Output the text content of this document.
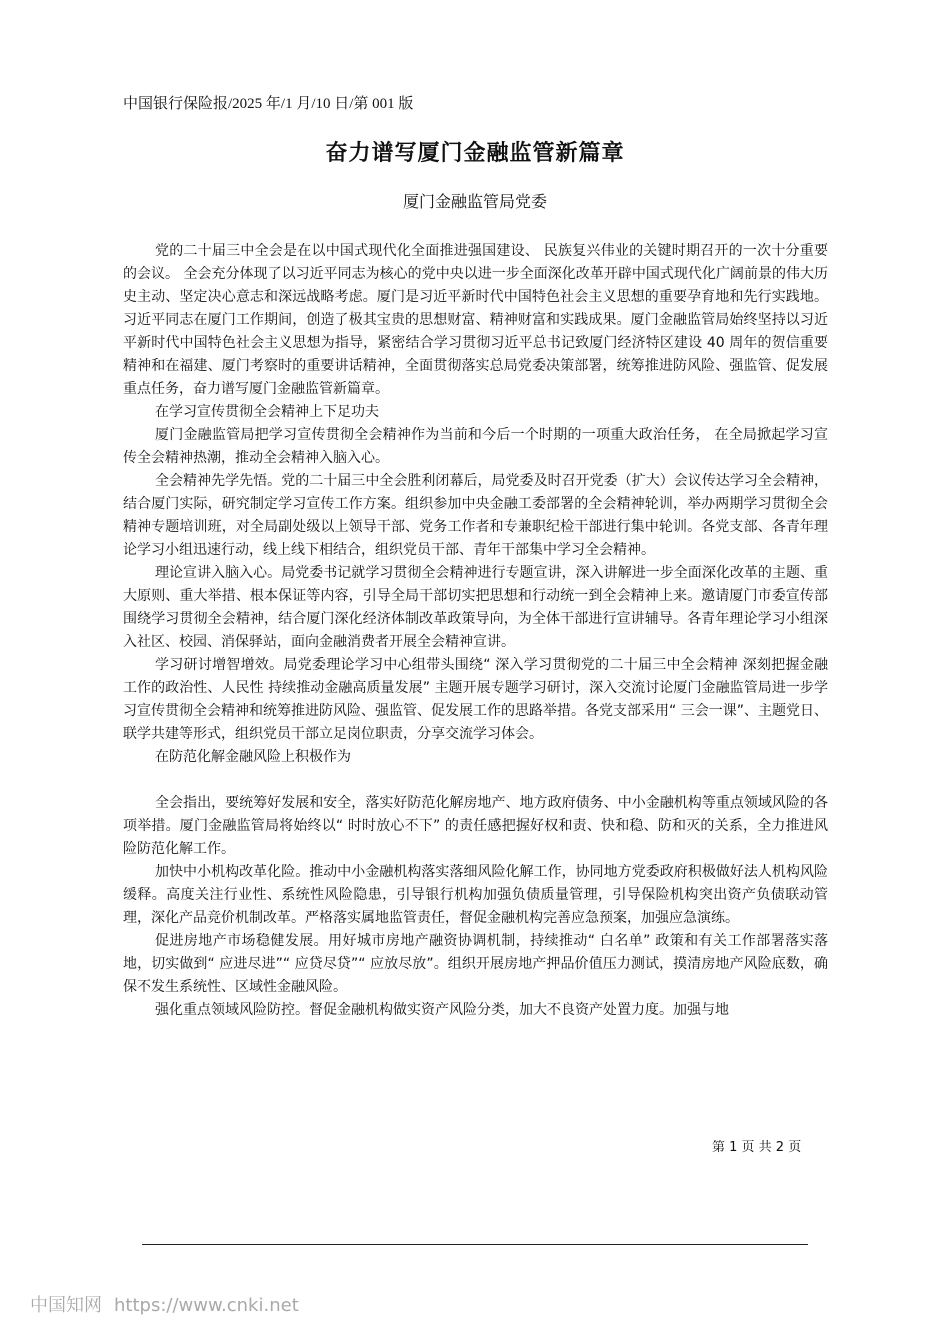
中国银行保险报/2025 年/1 月/10 日/第 001 版
奋力谱写厦门金融监管新篇章
厦门金融监管局党委

党的二十届三中全会是在以中国式现代化全面推进强国建设、 民族复兴伟业的关键时期召开的一次十分重要的会议。 全会充分体现了以习近平同志为核心的党中央以进一步全面深化改革开辟中国式现代化广阔前景的伟大历史主动、坚定决心意志和深远战略考虑。厦门是习近平新时代中国特色社会主义思想的重要孕育地和先行实践地。习近平同志在厦门工作期间，创造了极其宝贵的思想财富、精神财富和实践成果。厦门金融监管局始终坚持以习近平新时代中国特色社会主义思想为指导，紧密结合学习贯彻习近平总书记致厦门经济特区建设 40 周年的贺信重要精神和在福建、厦门考察时的重要讲话精神，全面贯彻落实总局党委决策部署，统筹推进防风险、强监管、促发展重点任务，奋力谱写厦门金融监管新篇章。

在学习宣传贯彻全会精神上下足功夫

厦门金融监管局把学习宣传贯彻全会精神作为当前和今后一个时期的一项重大政治任务， 在全局掀起学习宣传全会精神热潮，推动全会精神入脑入心。

全会精神先学先悟。党的二十届三中全会胜利闭幕后，局党委及时召开党委（扩大）会议传达学习全会精神，结合厦门实际，研究制定学习宣传工作方案。组织参加中央金融工委部署的全会精神轮训，举办两期学习贯彻全会精神专题培训班，对全局副处级以上领导干部、党务工作者和专兼职纪检干部进行集中轮训。各党支部、各青年理论学习小组迅速行动，线上线下相结合，组织党员干部、青年干部集中学习全会精神。

理论宣讲入脑入心。局党委书记就学习贯彻全会精神进行专题宣讲，深入讲解进一步全面深化改革的主题、重大原则、重大举措、根本保证等内容，引导全局干部切实把思想和行动统一到全会精神上来。邀请厦门市委宣传部围绕学习贯彻全会精神，结合厦门深化经济体制改革政策导向，为全体干部进行宣讲辅导。各青年理论学习小组深入社区、校园、消保驿站，面向金融消费者开展全会精神宣讲。

学习研讨增智增效。局党委理论学习中心组带头围绕“ 深入学习贯彻党的二十届三中全会精神 深刻把握金融工作的政治性、人民性 持续推动金融高质量发展” 主题开展专题学习研讨，深入交流讨论厦门金融监管局进一步学习宣传贯彻全会精神和统筹推进防风险、强监管、促发展工作的思路举措。各党支部采用“ 三会一课”、主题党日、联学共建等形式，组织党员干部立足岗位职责，分享交流学习体会。

在防范化解金融风险上积极作为

全会指出，要统筹好发展和安全，落实好防范化解房地产、地方政府债务、中小金融机构等重点领域风险的各项举措。厦门金融监管局将始终以“ 时时放心不下” 的责任感把握好权和责、快和稳、防和灭的关系，全力推进风险防范化解工作。

加快中小机构改革化险。推动中小金融机构落实落细风险化解工作，协同地方党委政府积极做好法人机构风险缓释。高度关注行业性、系统性风险隐患，引导银行机构加强负债质量管理，引导保险机构突出资产负债联动管理，深化产品竞价机制改革。严格落实属地监管责任，督促金融机构完善应急预案，加强应急演练。

促进房地产市场稳健发展。用好城市房地产融资协调机制，持续推动“ 白名单” 政策和有关工作部署落实落地，切实做到“ 应进尽进”“ 应贷尽贷”“ 应放尽放”。组织开展房地产押品价值压力测试，摸清房地产风险底数，确保不发生系统性、区域性金融风险。

强化重点领域风险防控。督促金融机构做实资产风险分类，加大不良资产处置力度。加强与地

第 1 页 共 2 页
中国知网 https://www.cnki.net
